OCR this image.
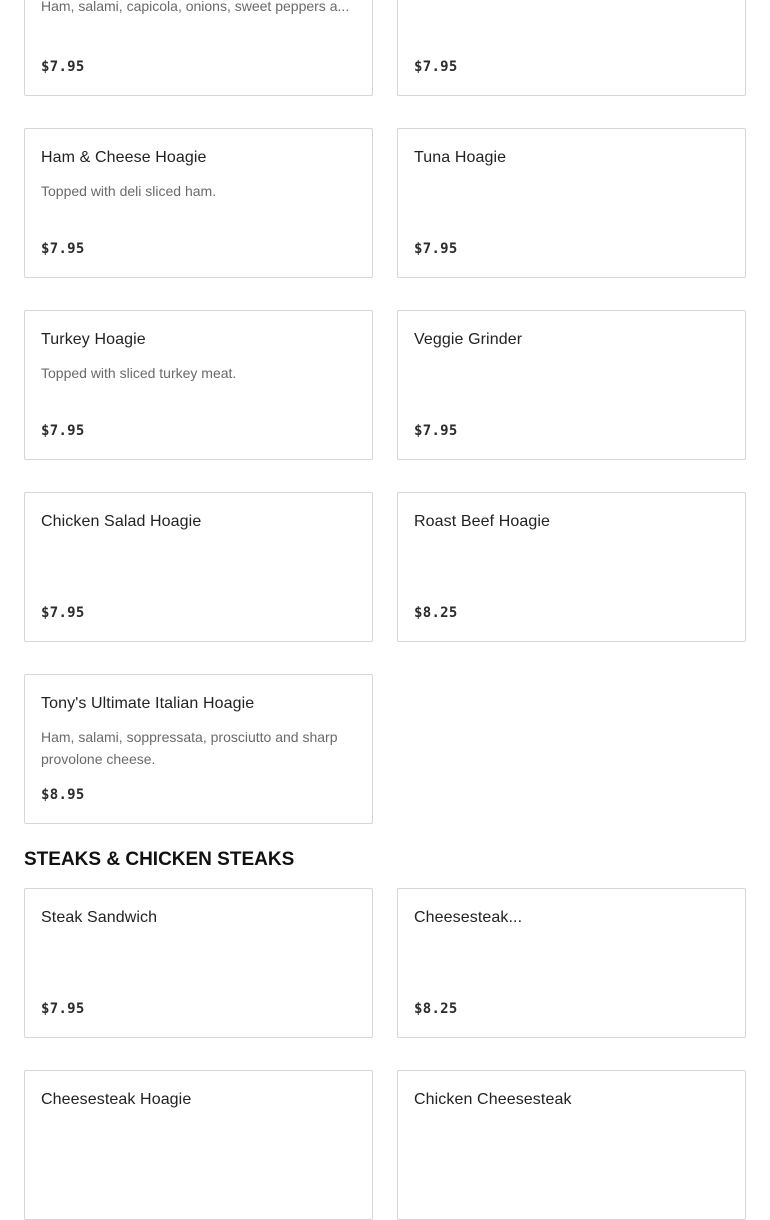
Ham, salami, capicola, onions, sweet peppers a...
$7.95	$7.95
Ham & Cheese Hoagie
Topped with deli sliced ham.
$7.95
Tuna Hoagie
$7.95
Turkey Hoagie
Topped with sliced turkey meat.
$7.95
Veggie Grinder
$7.95
Chicken Salad Hoagie
$7.95
Roast Beef Hoagie
$8.25
Tony's Ultimate Italian Hoagie
Ham, salami, soppressata, prosciutto and sharp provolone cheese.
$8.95
STEAKS & CHICKEN STEAKS
Steak Sandwich
$7.95
Cheesesteak...
$8.25
Cheesesteak Hoagie	Chicken Cheesesteak
